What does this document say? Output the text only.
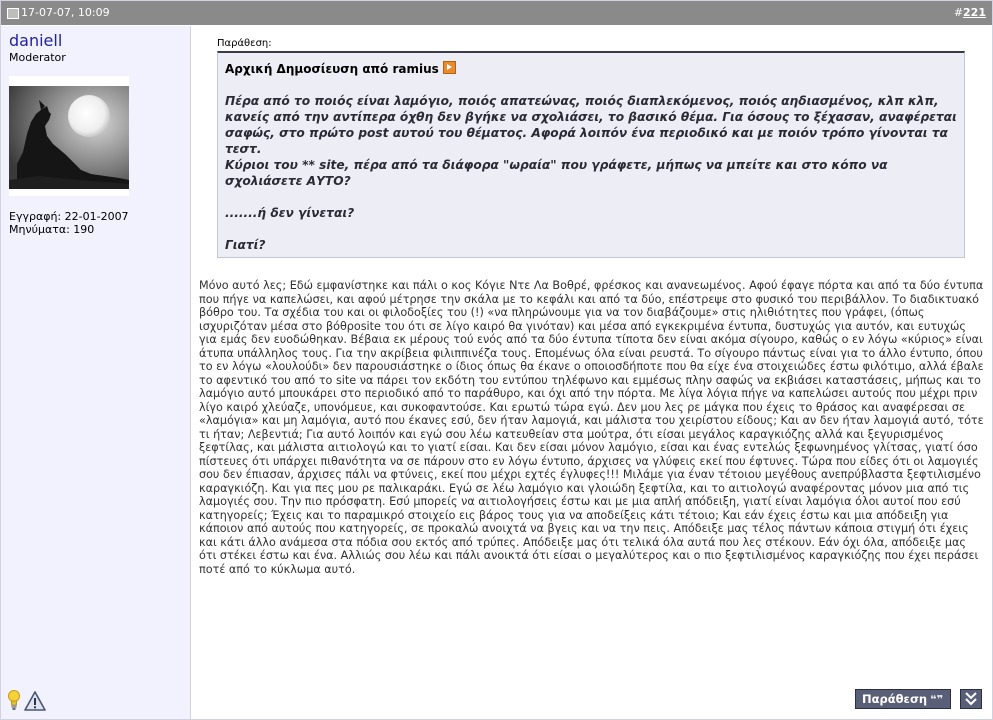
17-07-07, 10:09	#221
daniell
Moderator
Εγγραφή: 22-01-2007
Μηνύματα: 190
Παράθεση:
Αρχική Δημοσίευση από ramius

Πέρα από το ποιός είναι λαμόγιο, ποιός απατεώνας, ποιός διαπλεκόμενος, ποιός αηδιασμένος, κλπ κλπ, κανείς από την αντίπερα όχθη δεν βγήκε να σχολιάσει, το βασικό θέμα. Για όσους το ξέχασαν, αναφέρεται σαφώς, στο πρώτο post αυτού του θέματος. Αφορά λοιπόν ένα περιοδικό και με ποιόν τρόπο γίνονται τα τεστ.

Κύριοι του ** site, πέρα από τα διάφορα "ωραία" που γράφετε, μήπως να μπείτε και στο κόπο να σχολιάσετε ΑΥΤΟ?

.......ή δεν γίνεται?

Γιατί?

Μόνο αυτό λες; Εδώ εμφανίστηκε και πάλι ο κος Κόγιε Ντε Λα Βοθρέ, φρέσκος και ανανεωμένος. Αφού έφαγε πόρτα και από τα δύο έντυπα που πήγε να καπελώσει, και αφού μέτρησε την σκάλα με το κεφάλι και από τα δύο, επέστρεψε στο φυσικό του περιβάλλον. Το διαδικτυακό βόθρο του. Τα σχέδια του και οι φιλοδοξίες του (!) «να πληρώνουμε για να τον διαβάζουμε» στις ηλιθιότητες που γράφει, (όπως ισχυριζόταν μέσα στο βόθροsite του ότι σε λίγο καιρό θα γινόταν) και μέσα από εγκεκριμένα έντυπα, δυστυχώς για αυτόν, και ευτυχώς για εμάς δεν ευοδώθηκαν. Βέβαια εκ μέρους τού ενός από τα δύο έντυπα τίποτα δεν είναι ακόμα σίγουρο, καθώς ο εν λόγω «κύριος» είναι άτυπα υπάλληλος τους. Για την ακρίβεια φιλιππινέζα τους. Επομένως όλα είναι ρευστά. Το σίγουρο πάντως είναι για το άλλο έντυπο, όπου το εν λόγω «λουλούδι» δεν παρουσιάστηκε ο ίδιος όπως θα έκανε ο οποιοσδήποτε που θα είχε ένα στοιχειώδες έστω φιλότιμο, αλλά έβαλε το αφεντικό του από το site να πάρει τον εκδότη του εντύπου τηλέφωνο και εμμέσως πλην σαφώς να εκβιάσει καταστάσεις, μήπως και το λαμόγιο αυτό μπουκάρει στο περιοδικό από το παράθυρο, και όχι από την πόρτα. Με λίγα λόγια πήγε να καπελώσει αυτούς που μέχρι πριν λίγο καιρό χλεύαζε, υπονόμευε, και συκοφαντούσε. Και ερωτώ τώρα εγώ. Δεν μου λες ρε μάγκα που έχεις το θράσος και αναφέρεσαι σε «λαμόγια» και μη λαμόγια, αυτό που έκανες εσύ, δεν ήταν λαμογιά, και μάλιστα του χειρίστου είδους; Και αν δεν ήταν λαμογιά αυτό, τότε τι ήταν; Λεβεντιά; Για αυτό λοιπόν και εγώ σου λέω κατευθείαν στα μούτρα, ότι είσαι μεγάλος καραγκιόζης αλλά και ξεγυρισμένος ξεφτίλας, και μάλιστα αιτιολογώ και το γιατί είσαι. Και δεν είσαι μόνον λαμόγιο, είσαι και ένας εντελώς ξεφωνημένος γλίτσας, γιατί όσο πίστευες ότι υπάρχει πιθανότητα να σε πάρουν στο εν λόγω έντυπο, άρχισες να γλύφεις εκεί που έφτυνες. Τώρα που είδες ότι οι λαμογιές σου δεν έπιασαν, άρχισες πάλι να φτύνεις, εκεί που μέχρι εχτές έγλυφες!!! Μιλάμε για έναν τέτοιου μεγέθους ανεπρύβλαστα ξεφτιλισμένο καραγκιόζη. Και για πες μου ρε παλικαράκι. Εγώ σε λέω λαμόγιο και γλοιώδη ξεφτίλα, και το αιτιολογώ αναφέροντας μόνον μια από τις λαμογιές σου. Την πιο πρόσφατη. Εσύ μπορείς να αιτιολογήσεις έστω και με μια απλή απόδειξη, γιατί είναι λαμόγια όλοι αυτοί που εσύ κατηγορείς; Έχεις και το παραμικρό στοιχείο εις βάρος τους για να αποδείξεις κάτι τέτοιο; Και εάν έχεις έστω και μια απόδειξη για κάποιον από αυτούς που κατηγορείς, σε προκαλώ ανοιχτά να βγεις και να την πεις. Απόδειξε μας τέλος πάντων κάποια στιγμή ότι έχεις και κάτι άλλο ανάμεσα στα πόδια σου εκτός από τρύπες. Απόδειξε μας ότι τελικά όλα αυτά που λες στέκουν. Εάν όχι όλα, απόδειξε μας ότι στέκει έστω και ένα. Αλλιώς σου λέω και πάλι ανοικτά ότι είσαι ο μεγαλύτερος και ο πιο ξεφτιλισμένος καραγκιόζης που έχει περάσει ποτέ από το κύκλωμα αυτό.
Παράθεση ❝❞
